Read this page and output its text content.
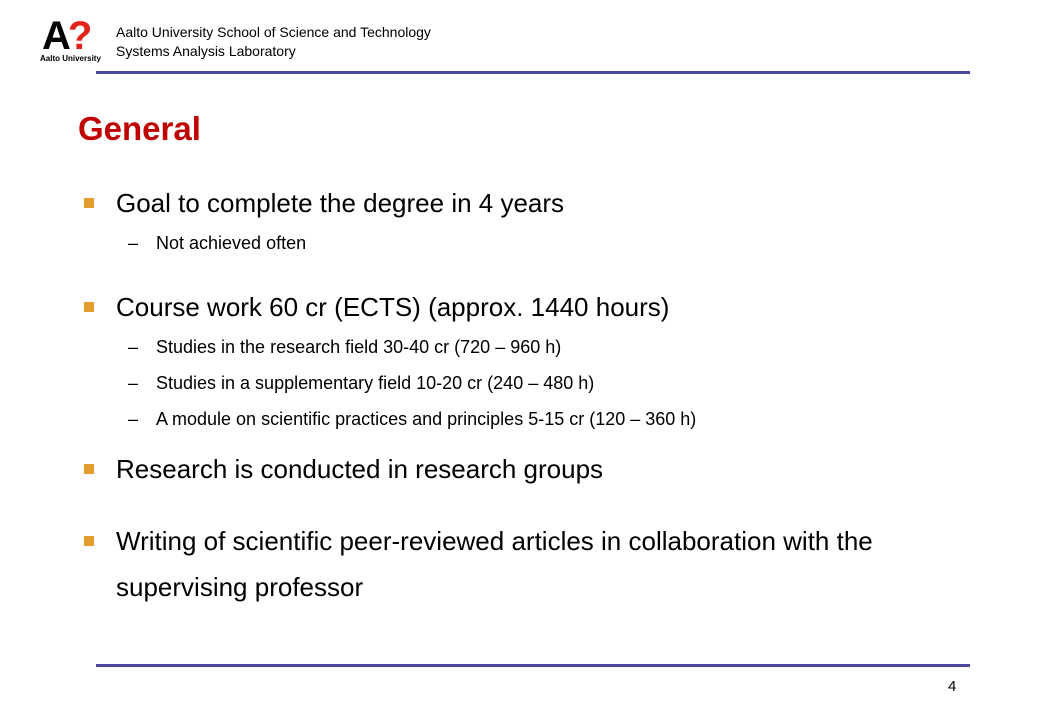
A?
Aalto University
Aalto University School of Science and Technology
Systems Analysis Laboratory
General
Goal to complete the degree in 4 years
– Not achieved often
Course work 60 cr (ECTS) (approx. 1440 hours)
– Studies in the research field 30-40 cr (720 – 960 h)
– Studies in a supplementary field 10-20 cr (240 – 480 h)
– A module on scientific practices and principles 5-15 cr (120 – 360 h)
Research is conducted in research groups
Writing of scientific peer-reviewed articles in collaboration with the supervising professor
4
